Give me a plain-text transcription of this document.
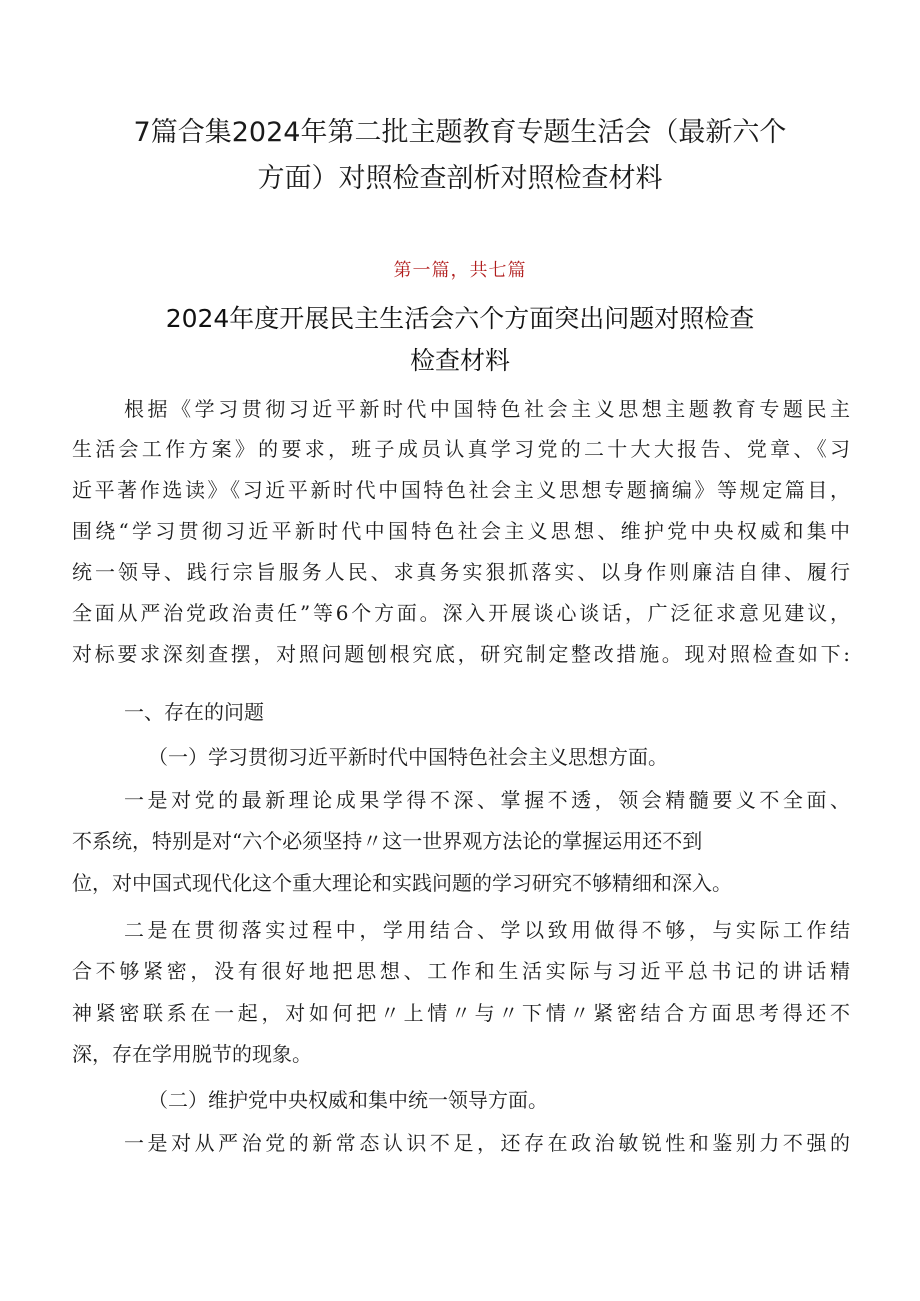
7篇合集2024年第二批主题教育专题生活会（最新六个
方面）对照检查剖析对照检查材料
第一篇，共七篇
2024年度开展民主生活会六个方面突出问题对照检查
检查材料
根据《学习贯彻习近平新时代中国特色社会主义思想主题教育专题民主
生活会工作方案》的要求，班子成员认真学习党的二十大大报告、党章、《习
近平著作选读》《习近平新时代中国特色社会主义思想专题摘编》等规定篇目，
围绕“学习贯彻习近平新时代中国特色社会主义思想、维护党中央权威和集中
统一领导、践行宗旨服务人民、求真务实狠抓落实、以身作则廉洁自律、履行
全面从严治党政治责任”等6个方面。深入开展谈心谈话，广泛征求意见建议，
对标要求深刻查摆，对照问题刨根究底，研究制定整改措施。现对照检查如下:
一、存在的问题
（一）学习贯彻习近平新时代中国特色社会主义思想方面。
一是对党的最新理论成果学得不深、掌握不透，领会精髓要义不全面、
不系统，特别是对“六个必须坚持〃这一世界观方法论的掌握运用还不到
位，对中国式现代化这个重大理论和实践问题的学习研究不够精细和深入。
二是在贯彻落实过程中，学用结合、学以致用做得不够，与实际工作结
合不够紧密，没有很好地把思想、工作和生活实际与习近平总书记的讲话精
神紧密联系在一起，对如何把〃上情〃与〃下情〃紧密结合方面思考得还不
深，存在学用脱节的现象。
（二）维护党中央权威和集中统一领导方面。
一是对从严治党的新常态认识不足，还存在政治敏锐性和鉴别力不强的
